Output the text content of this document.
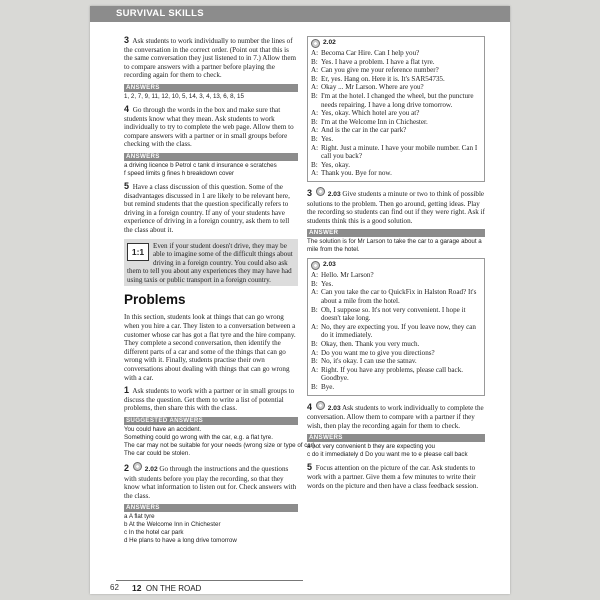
SURVIVAL SKILLS

3 Ask students to work individually to number the lines of the conversation in the correct order. (Point out that this is the same conversation they just listened to in 7.) Allow them to compare answers with a partner before playing the recording again for them to check.

ANSWERS
1, 2, 7, 9, 11, 12, 10, 5, 14, 3, 4, 13, 6, 8, 15

4 Go through the words in the box and make sure that students know what they mean. Ask students to work individually to try to complete the web page. Allow them to compare answers with a partner or in small groups before checking with the class.

ANSWERS
a driving licence b Petrol c tank d insurance e scratches
f speed limits g fines h breakdown cover

5 Have a class discussion of this question. Some of the disadvantages discussed in 1 are likely to be relevant here, but remind students that the question specifically refers to driving in a foreign country. If any of your students have experience of driving in a foreign country, ask them to tell the class about it.

1:1
Even if your student doesn't drive, they may be able to imagine some of the difficult things about driving in a foreign country. You could also ask them to tell you about any experiences they may have had using taxis or public transport in a foreign country.
Problems

In this section, students look at things that can go wrong when you hire a car. They listen to a conversation between a customer whose car has got a flat tyre and the hire company. They complete a second conversation, then identify the different parts of a car and some of the things that can go wrong with it. Finally, students practise their own conversations about dealing with things that can go wrong with a car.

1 Ask students to work with a partner or in small groups to discuss the question. Get them to write a list of potential problems, then share this with the class.

SUGGESTED ANSWERS
You could have an accident.
Something could go wrong with the car, e.g. a flat tyre.
The car may not be suitable for your needs (wrong size or type of car).
The car could be stolen.

2 2.02 Go through the instructions and the questions with students before you play the recording, so that they know what information to listen out for. Check answers with the class.

ANSWERS
a A flat tyre
b At the Welcome Inn in Chichester
c In the hotel car park
d He plans to have a long drive tomorrow
2.02
A: Becoma Car Hire. Can I help you?
B: Yes. I have a problem. I have a flat tyre.
A: Can you give me your reference number?
B: Er, yes. Hang on. Here it is. It's SAR54735.
A: Okay ... Mr Larson. Where are you?
B: I'm at the hotel. I changed the wheel, but the puncture needs repairing. I have a long drive tomorrow.
A: Yes, okay. Which hotel are you at?
B: I'm at the Welcome Inn in Chichester.
A: And is the car in the car park?
B: Yes.
A: Right. Just a minute. I have your mobile number. Can I call you back?
B: Yes, okay.
A: Thank you. Bye for now.

3 2.03 Give students a minute or two to think of possible solutions to the problem. Then go around, getting ideas. Play the recording so students can find out if they were right. Ask if students think this is a good solution.

ANSWER
The solution is for Mr Larson to take the car to a garage about a
mile from the hotel.
2.03
A: Hello. Mr Larson?
B: Yes.
A: Can you take the car to QuickFix in Halston Road? It's about a mile from the hotel.
B: Oh, I suppose so. It's not very convenient. I hope it doesn't take long.
A: No, they are expecting you. If you leave now, they can do it immediately.
B: Okay, then. Thank you very much.
A: Do you want me to give you directions?
B: No, it's okay. I can use the satnav.
A: Right. If you have any problems, please call back. Goodbye.
B: Bye.

4 2.03 Ask students to work individually to complete the conversation. Allow them to compare with a partner if they wish, then play the recording again for them to check.

ANSWERS
a not very convenient b they are expecting you
c do it immediately d Do you want me to e please call back

5 Focus attention on the picture of the car. Ask students to work with a partner. Give them a few minutes to write their words on the picture and then have a class feedback session.

62 12 ON THE ROAD
